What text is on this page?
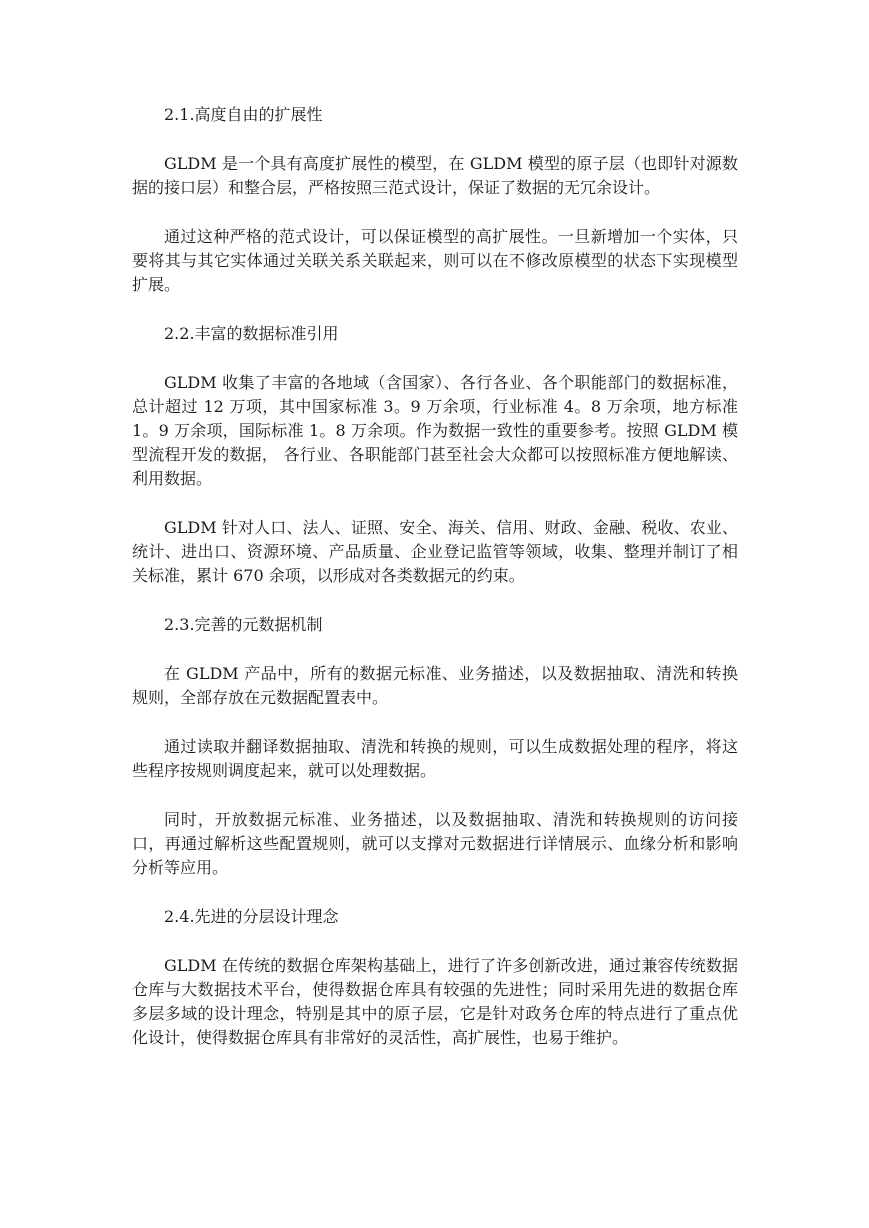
2.1.高度自由的扩展性

GLDM 是一个具有高度扩展性的模型，在 GLDM 模型的原子层（也即针对源数据的接口层）和整合层，严格按照三范式设计，保证了数据的无冗余设计。

通过这种严格的范式设计，可以保证模型的高扩展性。一旦新增加一个实体，只要将其与其它实体通过关联关系关联起来，则可以在不修改原模型的状态下实现模型扩展。

2.2.丰富的数据标准引用

GLDM 收集了丰富的各地域（含国家）、各行各业、各个职能部门的数据标准，总计超过 12 万项，其中国家标准 3。9 万余项，行业标准 4。8 万余项，地方标准 1。9 万余项，国际标准 1。8 万余项。作为数据一致性的重要参考。按照 GLDM 模型流程开发的数据， 各行业、各职能部门甚至社会大众都可以按照标准方便地解读、利用数据。

GLDM 针对人口、法人、证照、安全、海关、信用、财政、金融、税收、农业、统计、进出口、资源环境、产品质量、企业登记监管等领域，收集、整理并制订了相关标准，累计 670 余项，以形成对各类数据元的约束。

2.3.完善的元数据机制

在 GLDM 产品中，所有的数据元标准、业务描述，以及数据抽取、清洗和转换规则，全部存放在元数据配置表中。

通过读取并翻译数据抽取、清洗和转换的规则，可以生成数据处理的程序，将这些程序按规则调度起来，就可以处理数据。

同时，开放数据元标准、业务描述，以及数据抽取、清洗和转换规则的访问接口，再通过解析这些配置规则，就可以支撑对元数据进行详情展示、血缘分析和影响分析等应用。

2.4.先进的分层设计理念

GLDM 在传统的数据仓库架构基础上，进行了许多创新改进，通过兼容传统数据仓库与大数据技术平台，使得数据仓库具有较强的先进性；同时采用先进的数据仓库多层多域的设计理念，特别是其中的原子层，它是针对政务仓库的特点进行了重点优化设计，使得数据仓库具有非常好的灵活性，高扩展性，也易于维护。
